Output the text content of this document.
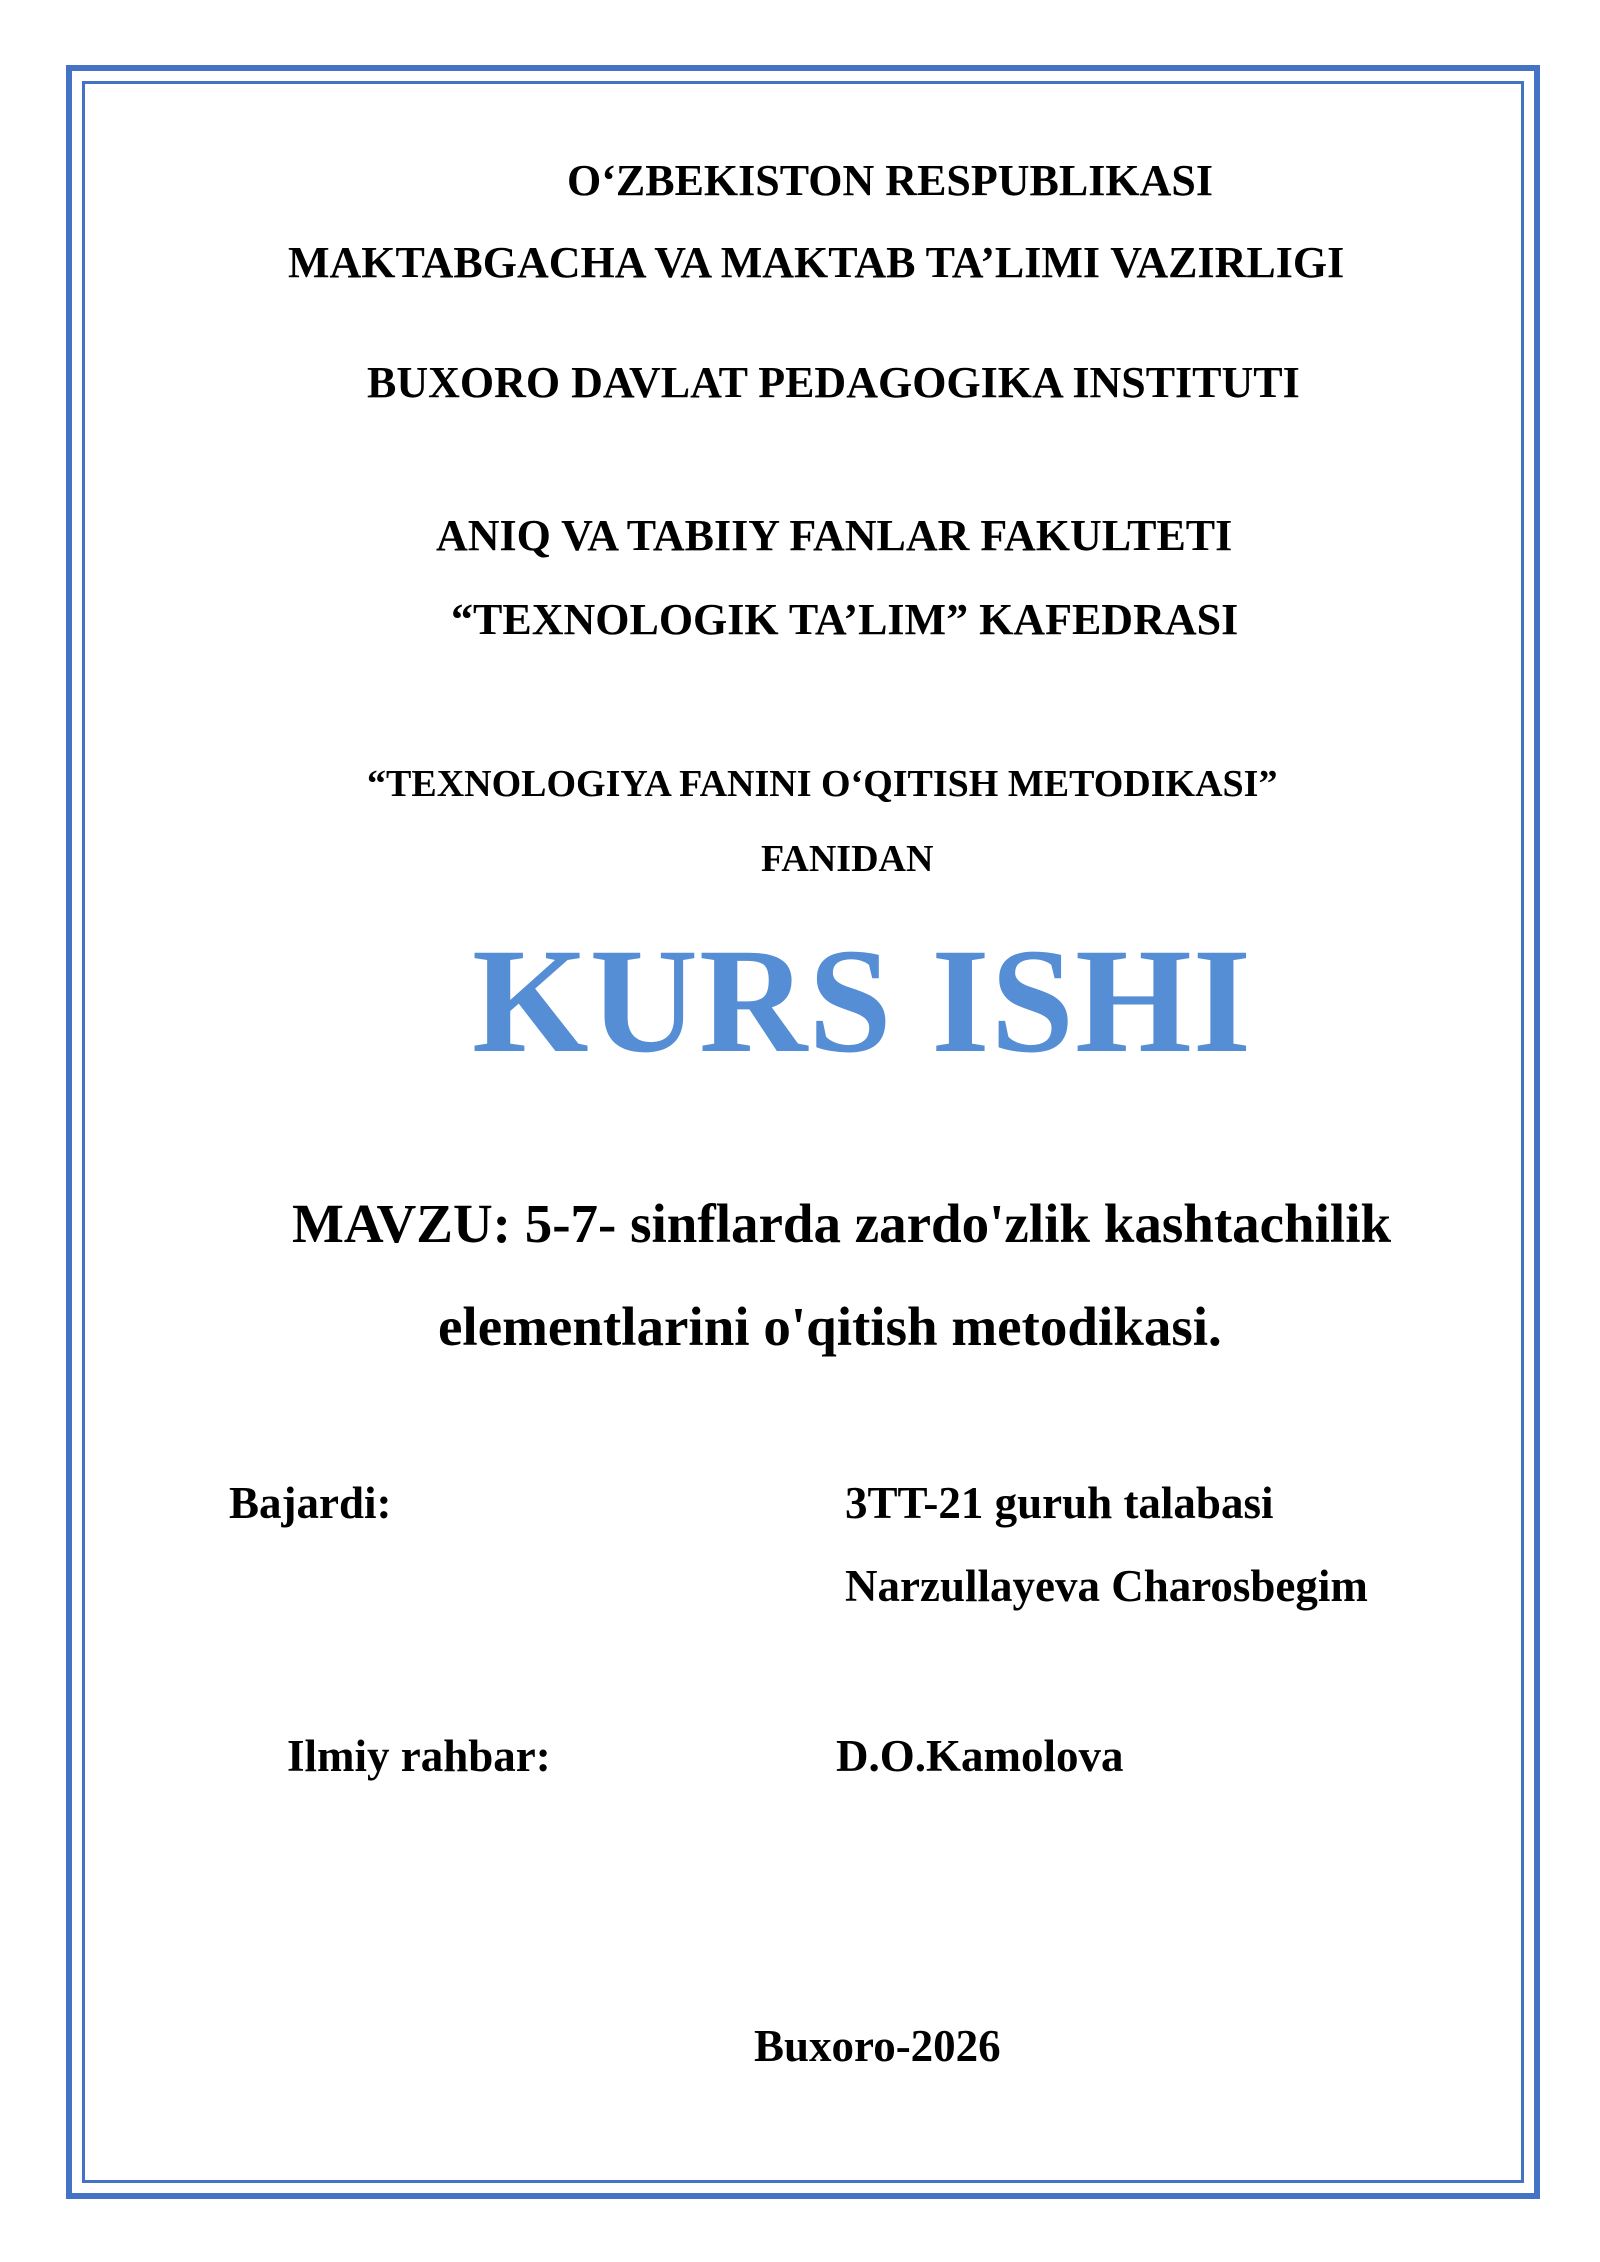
O‘ZBEKISTON RESPUBLIKASI
MAKTABGACHA VA MAKTAB TA’LIMI VAZIRLIGI
BUXORO DAVLAT PEDAGOGIKA INSTITUTI
ANIQ VA TABIIY FANLAR FAKULTETI
“TEXNOLOGIK TA’LIM” KAFEDRASI
“TEXNOLOGIYA FANINI O‘QITISH METODIKASI”
FANIDAN
KURS ISHI
MAVZU: 5-7- sinflarda zardo'zlik kashtachilik
elementlarini o'qitish metodikasi.
Bajardi:	3TT-21 guruh talabasi
Narzullayeva Charosbegim
Ilmiy rahbar:	D.O.Kamolova
Buxoro-2026
